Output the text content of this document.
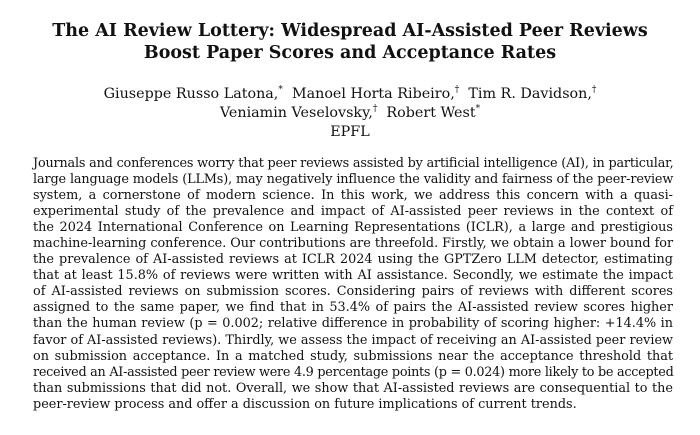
The AI Review Lottery: Widespread AI-Assisted Peer Reviews
Boost Paper Scores and Acceptance Rates
Giuseppe Russo Latona,* Manoel Horta Ribeiro,† Tim R. Davidson,†
Veniamin Veselovsky,† Robert West*
EPFL
Journals and conferences worry that peer reviews assisted by artificial intelligence (AI), in particular,
large language models (LLMs), may negatively influence the validity and fairness of the peer-review
system, a cornerstone of modern science. In this work, we address this concern with a quasi-
experimental study of the prevalence and impact of AI-assisted peer reviews in the context of
the 2024 International Conference on Learning Representations (ICLR), a large and prestigious
machine-learning conference. Our contributions are threefold. Firstly, we obtain a lower bound for
the prevalence of AI-assisted reviews at ICLR 2024 using the GPTZero LLM detector, estimating
that at least 15.8% of reviews were written with AI assistance. Secondly, we estimate the impact
of AI-assisted reviews on submission scores. Considering pairs of reviews with different scores
assigned to the same paper, we find that in 53.4% of pairs the AI-assisted review scores higher
than the human review (p = 0.002; relative difference in probability of scoring higher: +14.4% in
favor of AI-assisted reviews). Thirdly, we assess the impact of receiving an AI-assisted peer review
on submission acceptance. In a matched study, submissions near the acceptance threshold that
received an AI-assisted peer review were 4.9 percentage points (p = 0.024) more likely to be accepted
than submissions that did not. Overall, we show that AI-assisted reviews are consequential to the
peer-review process and offer a discussion on future implications of current trends.
